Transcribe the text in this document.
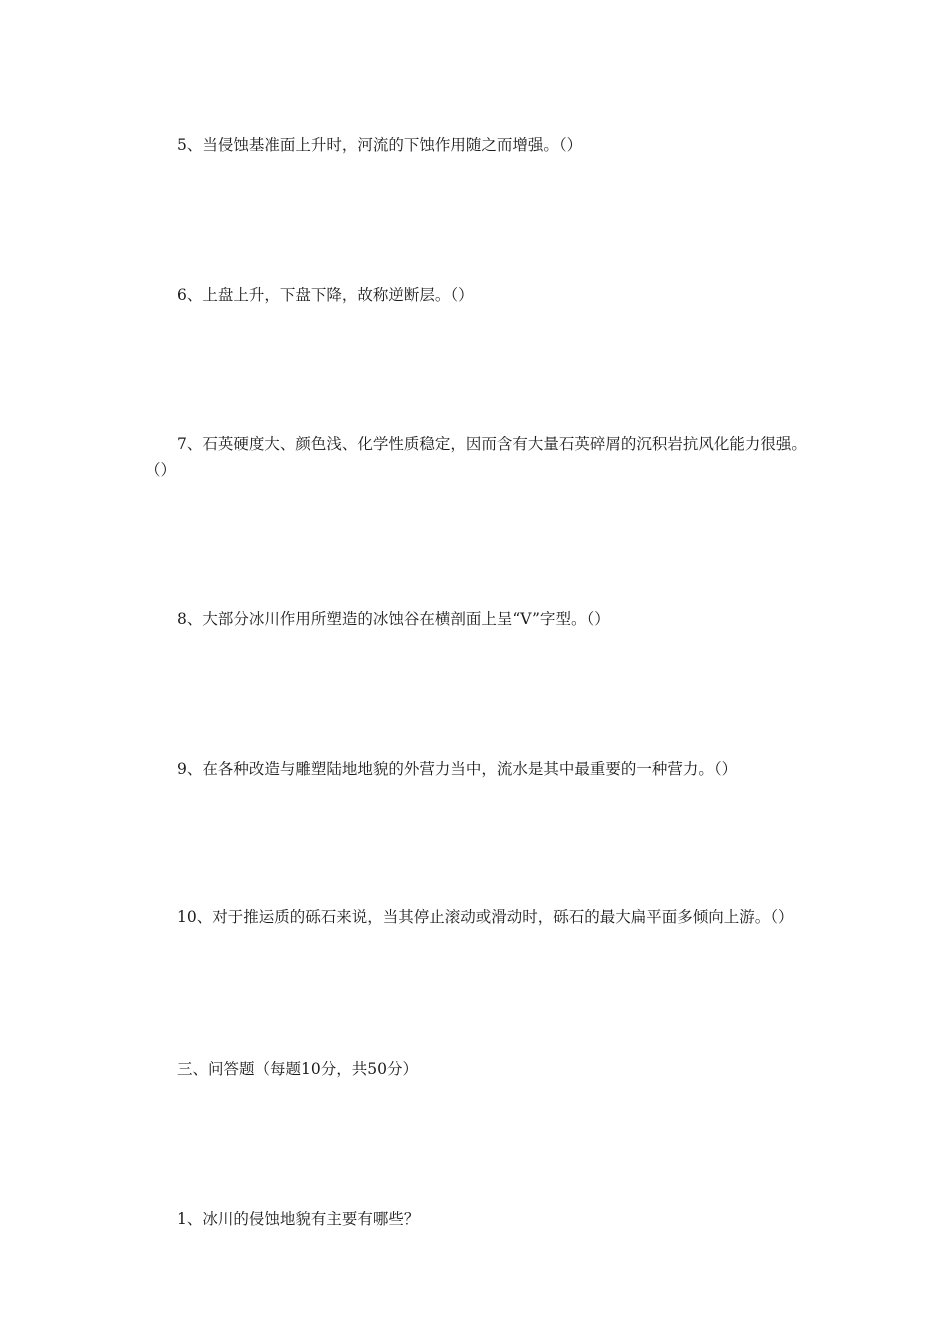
5、当侵蚀基准面上升时，河流的下蚀作用随之而增强。（）

6、上盘上升，下盘下降，故称逆断层。（）

7、石英硬度大、颜色浅、化学性质稳定，因而含有大量石英碎屑的沉积岩抗风化能力很强。（）

8、大部分冰川作用所塑造的冰蚀谷在横剖面上呈“V”字型。（）

9、在各种改造与雕塑陆地地貌的外营力当中，流水是其中最重要的一种营力。（）

10、对于推运质的砾石来说，当其停止滚动或滑动时，砾石的最大扁平面多倾向上游。（）

三、问答题（每题10分，共50分）

1、冰川的侵蚀地貌有主要有哪些？
